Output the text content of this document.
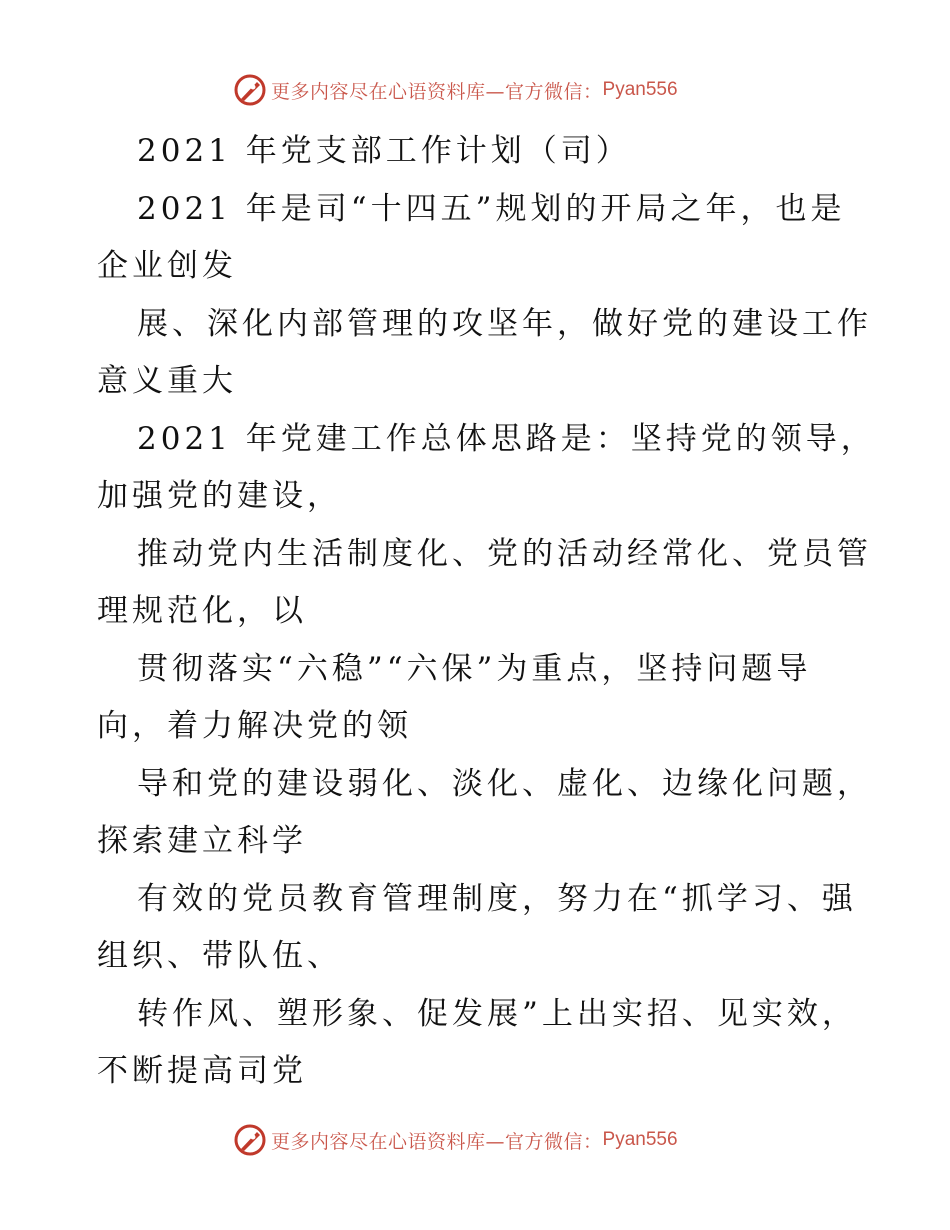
更多内容尽在心语资料库—官方微信： Pyan556
2021 年党支部工作计划（司）
2021 年是司“十四五”规划的开局之年，也是
企业创发
展、深化内部管理的攻坚年，做好党的建设工作
意义重大
2021 年党建工作总体思路是：坚持党的领导，
加强党的建设，
推动党内生活制度化、党的活动经常化、党员管
理规范化，以
贯彻落实“六稳”“六保”为重点，坚持问题导
向，着力解决党的领
导和党的建设弱化、淡化、虚化、边缘化问题，
探索建立科学
有效的党员教育管理制度，努力在“抓学习、强
组织、带队伍、
转作风、塑形象、促发展”上出实招、见实效，
不断提高司党
更多内容尽在心语资料库—官方微信： Pyan556
